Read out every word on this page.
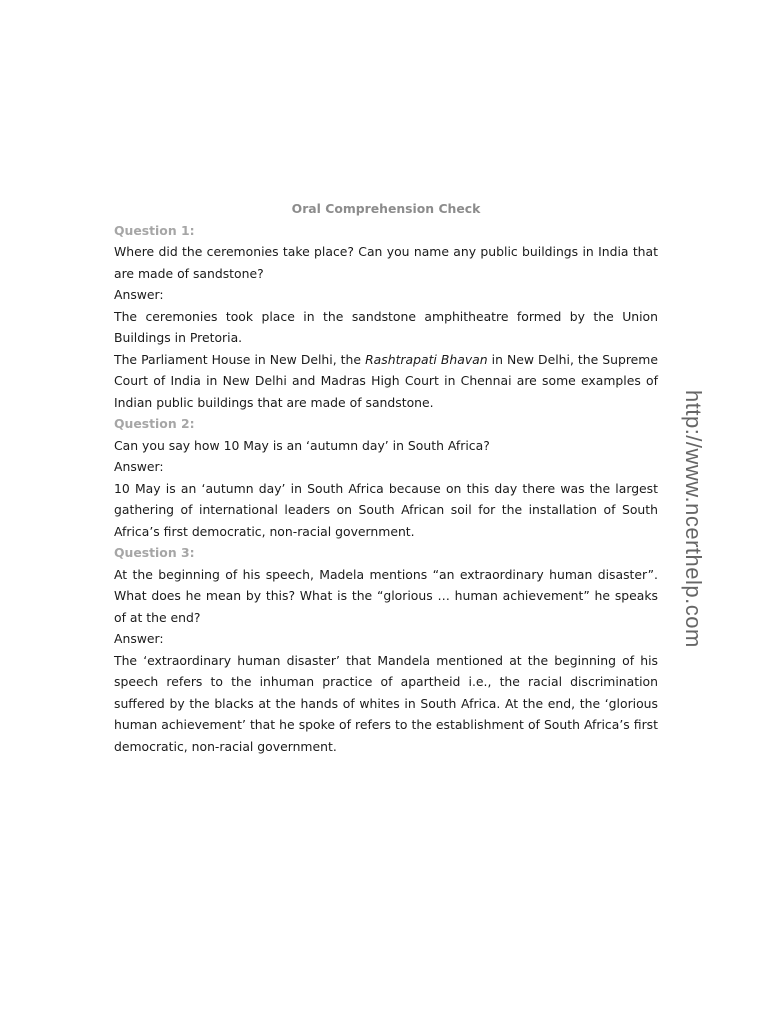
Oral Comprehension Check

Question 1:

Where did the ceremonies take place? Can you name any public buildings in India that are made of sandstone?

Answer:

The ceremonies took place in the sandstone amphitheatre formed by the Union Buildings in Pretoria.

The Parliament House in New Delhi, the Rashtrapati Bhavan in New Delhi, the Supreme Court of India in New Delhi and Madras High Court in Chennai are some examples of Indian public buildings that are made of sandstone.

Question 2:

Can you say how 10 May is an ‘autumn day’ in South Africa?

Answer:

10 May is an ‘autumn day’ in South Africa because on this day there was the largest gathering of international leaders on South African soil for the installation of South Africa’s first democratic, non-racial government.

Question 3:

At the beginning of his speech, Madela mentions “an extraordinary human disaster”. What does he mean by this? What is the “glorious … human achievement” he speaks of at the end?

Answer:

The ‘extraordinary human disaster’ that Mandela mentioned at the beginning of his speech refers to the inhuman practice of apartheid i.e., the racial discrimination suffered by the blacks at the hands of whites in South Africa. At the end, the ‘glorious human achievement’ that he spoke of refers to the establishment of South Africa’s first democratic, non-racial government.

http://www.ncerthelp.com
